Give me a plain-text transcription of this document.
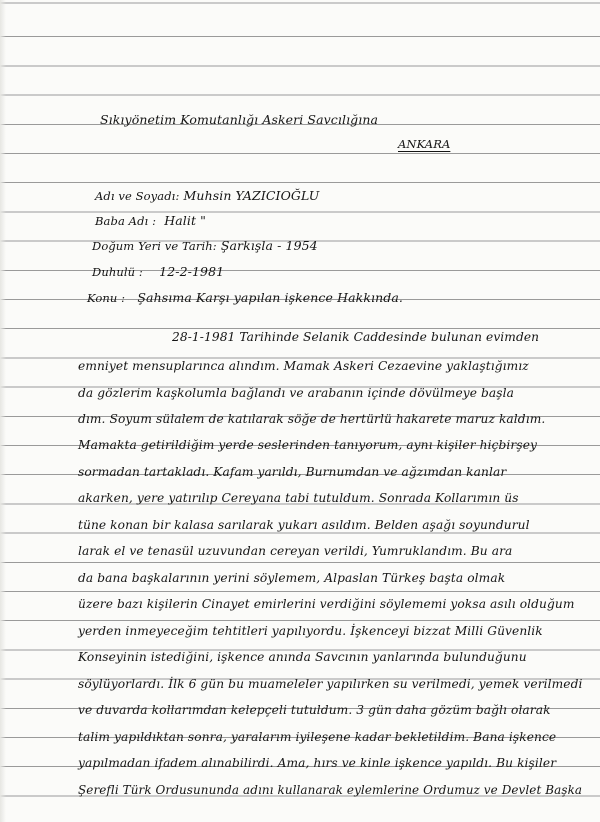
Sıkıyönetim Komutanlığı Askeri Savcılığına
ANKARA
Adı ve Soyadı: Muhsin YAZICIOĞLU
Baba Adı : Halit "
Doğum Yeri ve Tarih: Şarkışla - 1954
Duhulü : 12-2-1981
Konu : Şahsıma Karşı yapılan işkence Hakkında.
28-1-1981 Tarihinde Selanik Caddesinde bulunan evimden
emniyet mensuplarınca alındım. Mamak Askeri Cezaevine yaklaştığımız
da gözlerim kaşkolumla bağlandı ve arabanın içinde dövülmeye başla
dım. Soyum sülalem de katılarak söğe de hertürlü hakarete maruz kaldım.
Mamakta getirildiğim yerde seslerinden tanıyorum, aynı kişiler hiçbirşey
sormadan tartakladı. Kafam yarıldı, Burnumdan ve ağzımdan kanlar
akarken, yere yatırılıp Cereyana tabi tutuldum. Sonrada Kollarımın üs
tüne konan bir kalasa sarılarak yukarı asıldım. Belden aşağı soyundurul
larak el ve tenasül uzuvundan cereyan verildi, Yumruklandım. Bu ara
da bana başkalarının yerini söylemem, Alpaslan Türkeş başta olmak
üzere bazı kişilerin Cinayet emirlerini verdiğini söylememi yoksa asılı olduğum
yerden inmeyeceğim tehtitleri yapılıyordu. İşkenceyi bizzat Milli Güvenlik
Konseyinin istediğini, işkence anında Savcının yanlarında bulunduğunu
söylüyorlardı. İlk 6 gün bu muameleler yapılırken su verilmedi, yemek verilmedi
ve duvarda kollarımdan kelepçeli tutuldum. 3 gün daha gözüm bağlı olarak
talim yapıldıktan sonra, yaralarım iyileşene kadar bekletildim. Bana işkence
yapılmadan ifadem alınabilirdi. Ama, hırs ve kinle işkence yapıldı. Bu kişiler
Şerefli Türk Ordusununda adını kullanarak eylemlerine Ordumuz ve Devlet Başka
